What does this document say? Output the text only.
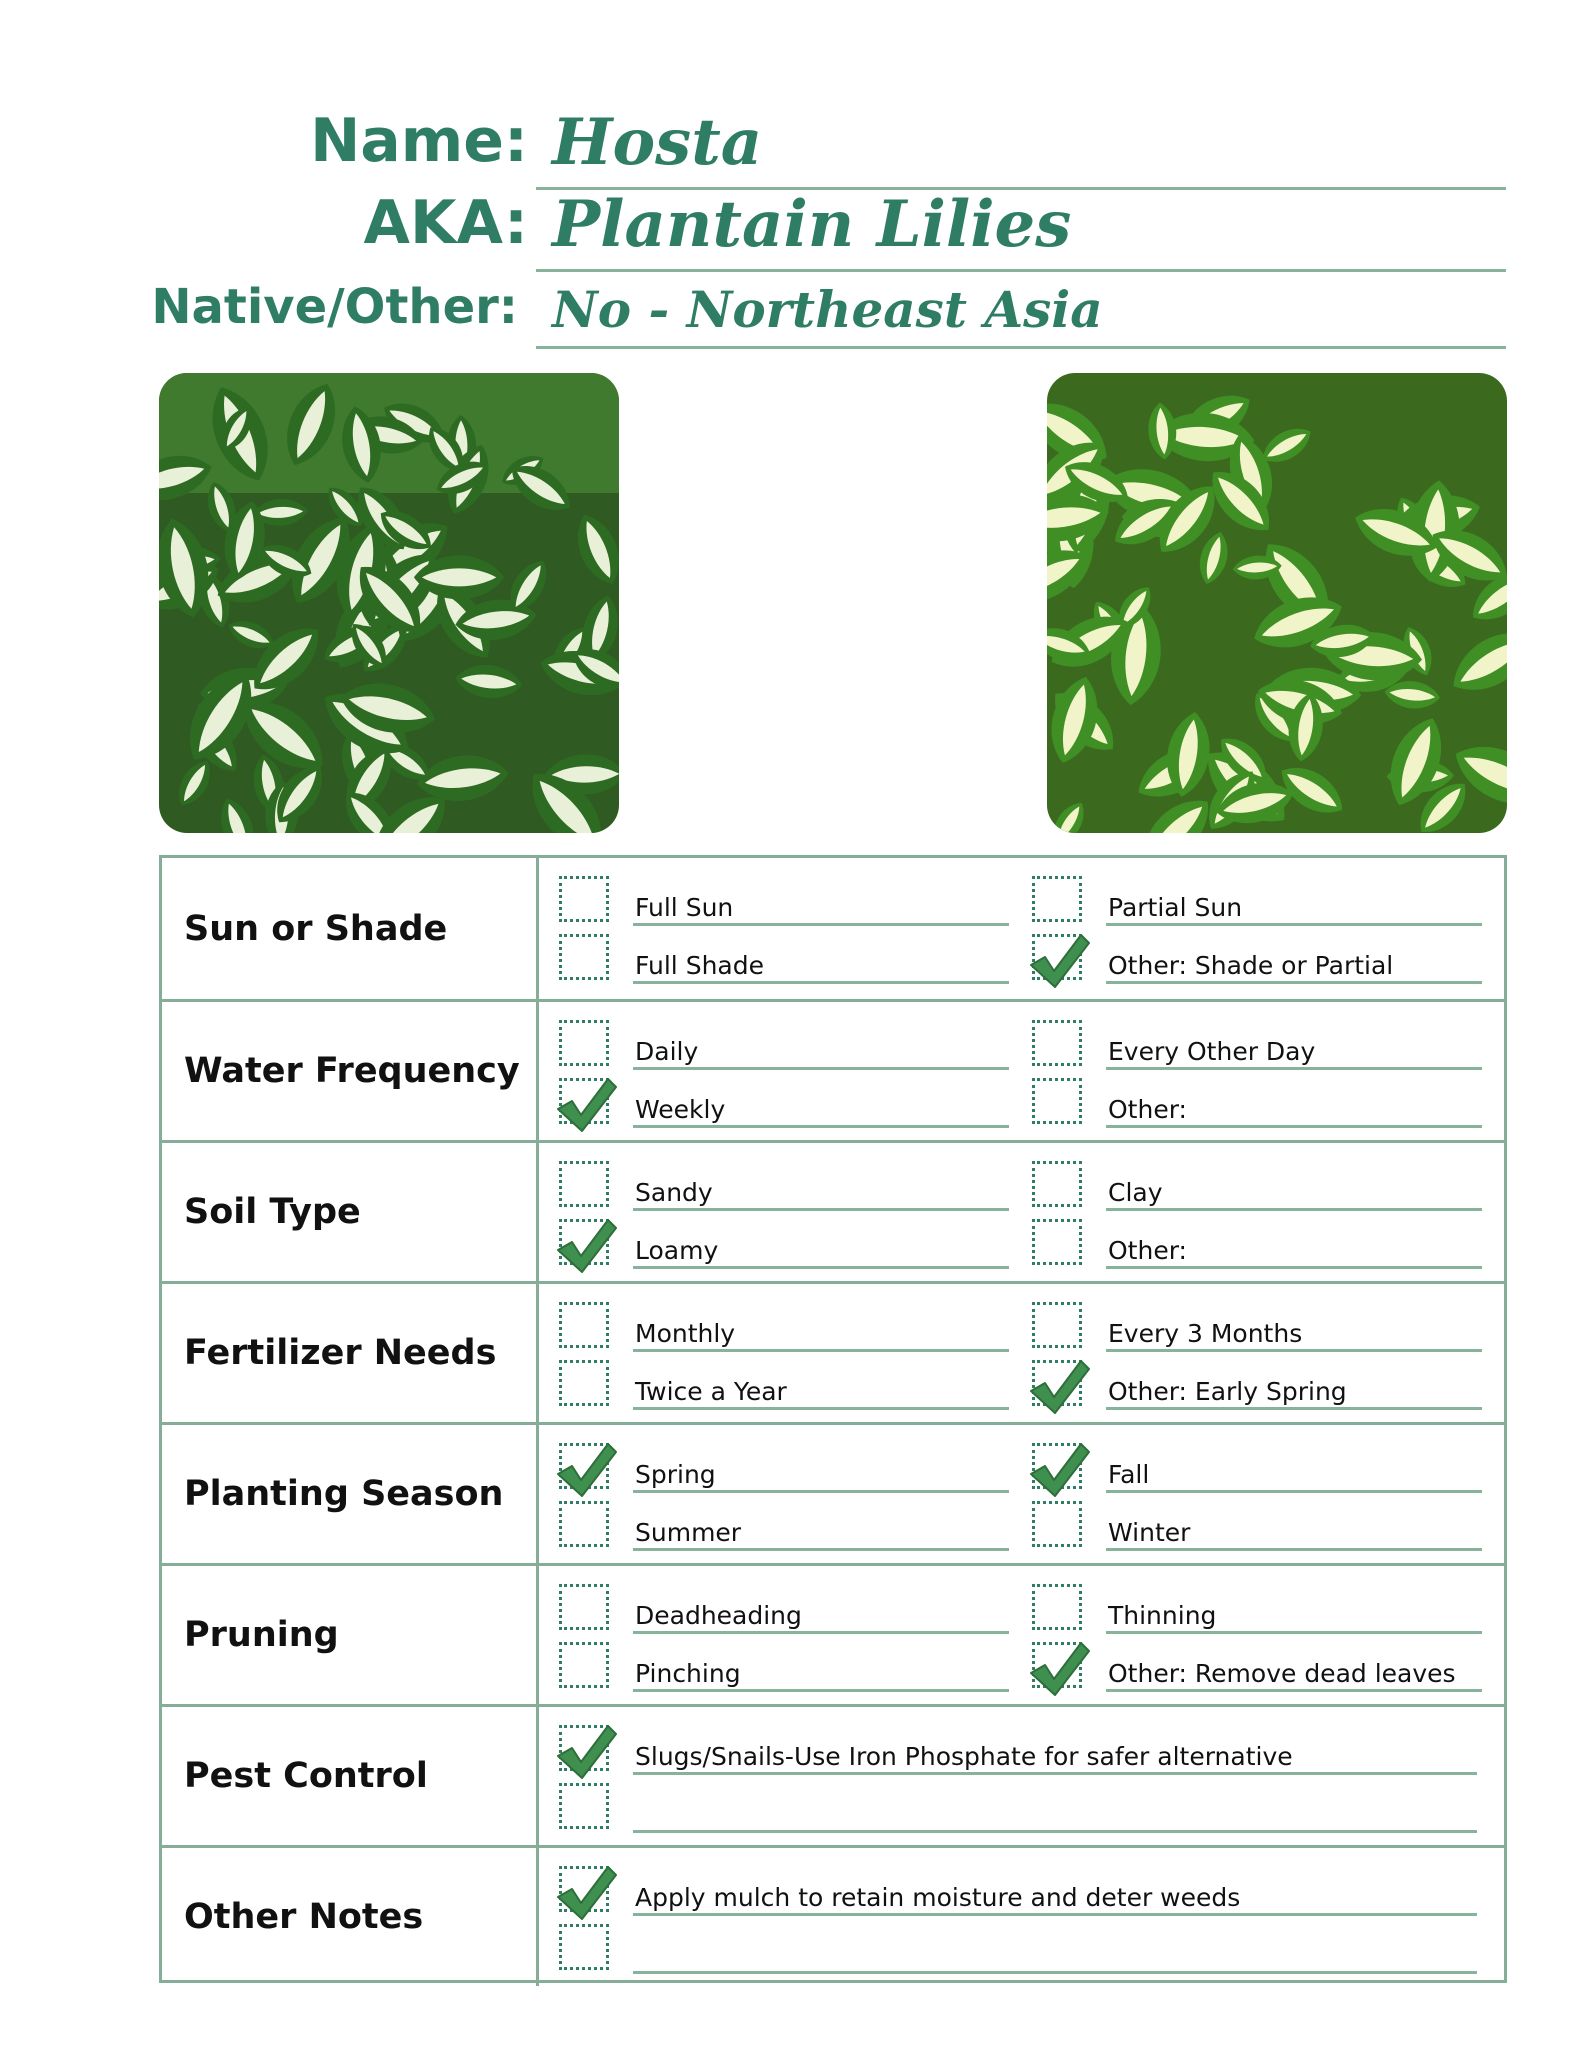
Name: Hosta
AKA: Plantain Lilies
Native/Other: No - Northeast Asia
Sun or Shade
Full Sun	Partial Sun
Full Shade	Other: Shade or Partial
Water Frequency	Daily	Every Other Day
Weekly	Other:
Soil Type	Sandy	Clay
Loamy	Other:
Fertilizer Needs	Monthly	Every 3 Months
Twice a Year	Other: Early Spring
Planting Season	Spring	Fall
Summer	Winter
Pruning	Deadheading	Thinning
Pinching	Other: Remove dead leaves
Pest Control	Slugs/Snails-Use Iron Phosphate for safer alternative
Other Notes	Apply mulch to retain moisture and deter weeds
